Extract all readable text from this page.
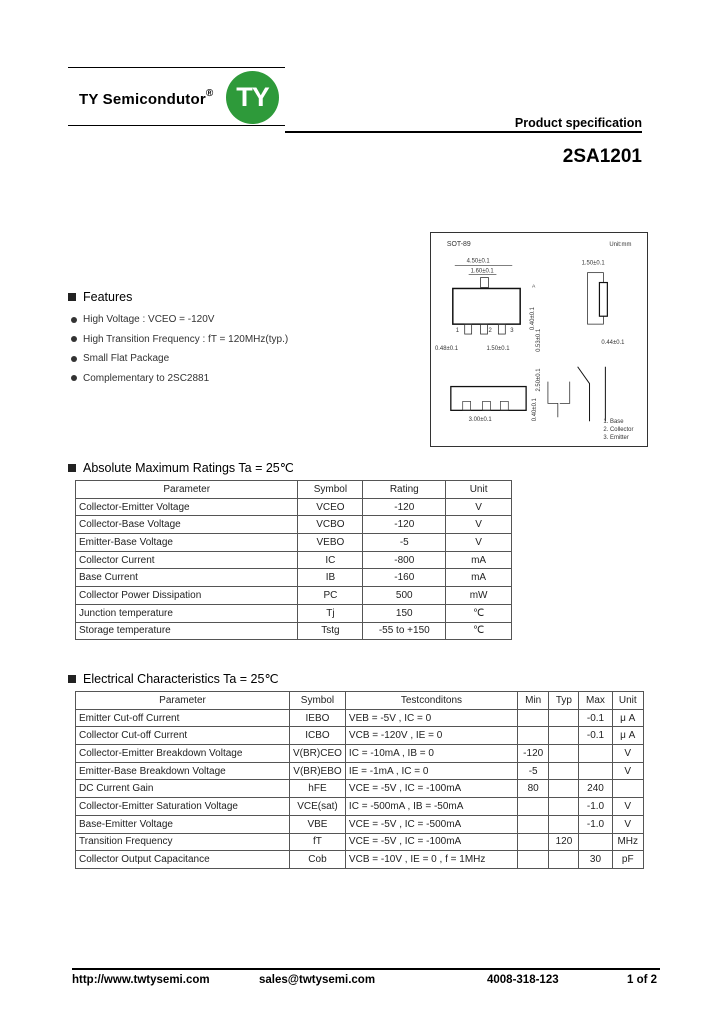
TY Semicondutor® TY
Product specification
2SA1201
SOT-89	Unit:mm
4.50±0.1
1.60±0.1
1	2	3
A
0.48±0.1	1.50±0.1	0.53±0.1
0.40±0.1
1.50±0.1
0.44±0.1
3.00±0.1	0.40±0.1
2.50±0.1
1. Base
2. Collector
3. Emitter
Features
High Voltage : VCEO = -120V
High Transition Frequency : fT = 120MHz(typ.)
Small Flat Package
Complementary to 2SC2881
Absolute Maximum Ratings Ta = 25℃
Parameter	Symbol	Rating	Unit
Collector-Emitter Voltage	VCEO	-120	V
Collector-Base Voltage	VCBO	-120	V
Emitter-Base Voltage	VEBO	-5	V
Collector Current	IC	-800	mA
Base Current	IB	-160	mA
Collector Power Dissipation	PC	500	mW
Junction temperature	Tj	150	℃
Storage temperature	Tstg	-55 to +150	℃
Electrical Characteristics Ta = 25℃
Parameter	Symbol	Testconditons	Min	Typ	Max	Unit
Emitter Cut-off Current	IEBO	VEB = -5V , IC = 0			-0.1	μ A
Collector Cut-off Current	ICBO	VCB = -120V , IE = 0			-0.1	μ A
Collector-Emitter Breakdown Voltage	V(BR)CEO	IC = -10mA , IB = 0	-120			V
Emitter-Base Breakdown Voltage	V(BR)EBO	IE = -1mA , IC = 0	-5			V
DC Current Gain	hFE	VCE = -5V , IC = -100mA	80		240	
Collector-Emitter Saturation Voltage	VCE(sat)	IC = -500mA , IB = -50mA			-1.0	V
Base-Emitter Voltage	VBE	VCE = -5V , IC = -500mA			-1.0	V
Transition Frequency	fT	VCE = -5V , IC = -100mA		120		MHz
Collector Output Capacitance	Cob	VCB = -10V , IE = 0 , f = 1MHz			30	pF
http://www.twtysemi.com	sales@twtysemi.com	4008-318-123	1 of 2
